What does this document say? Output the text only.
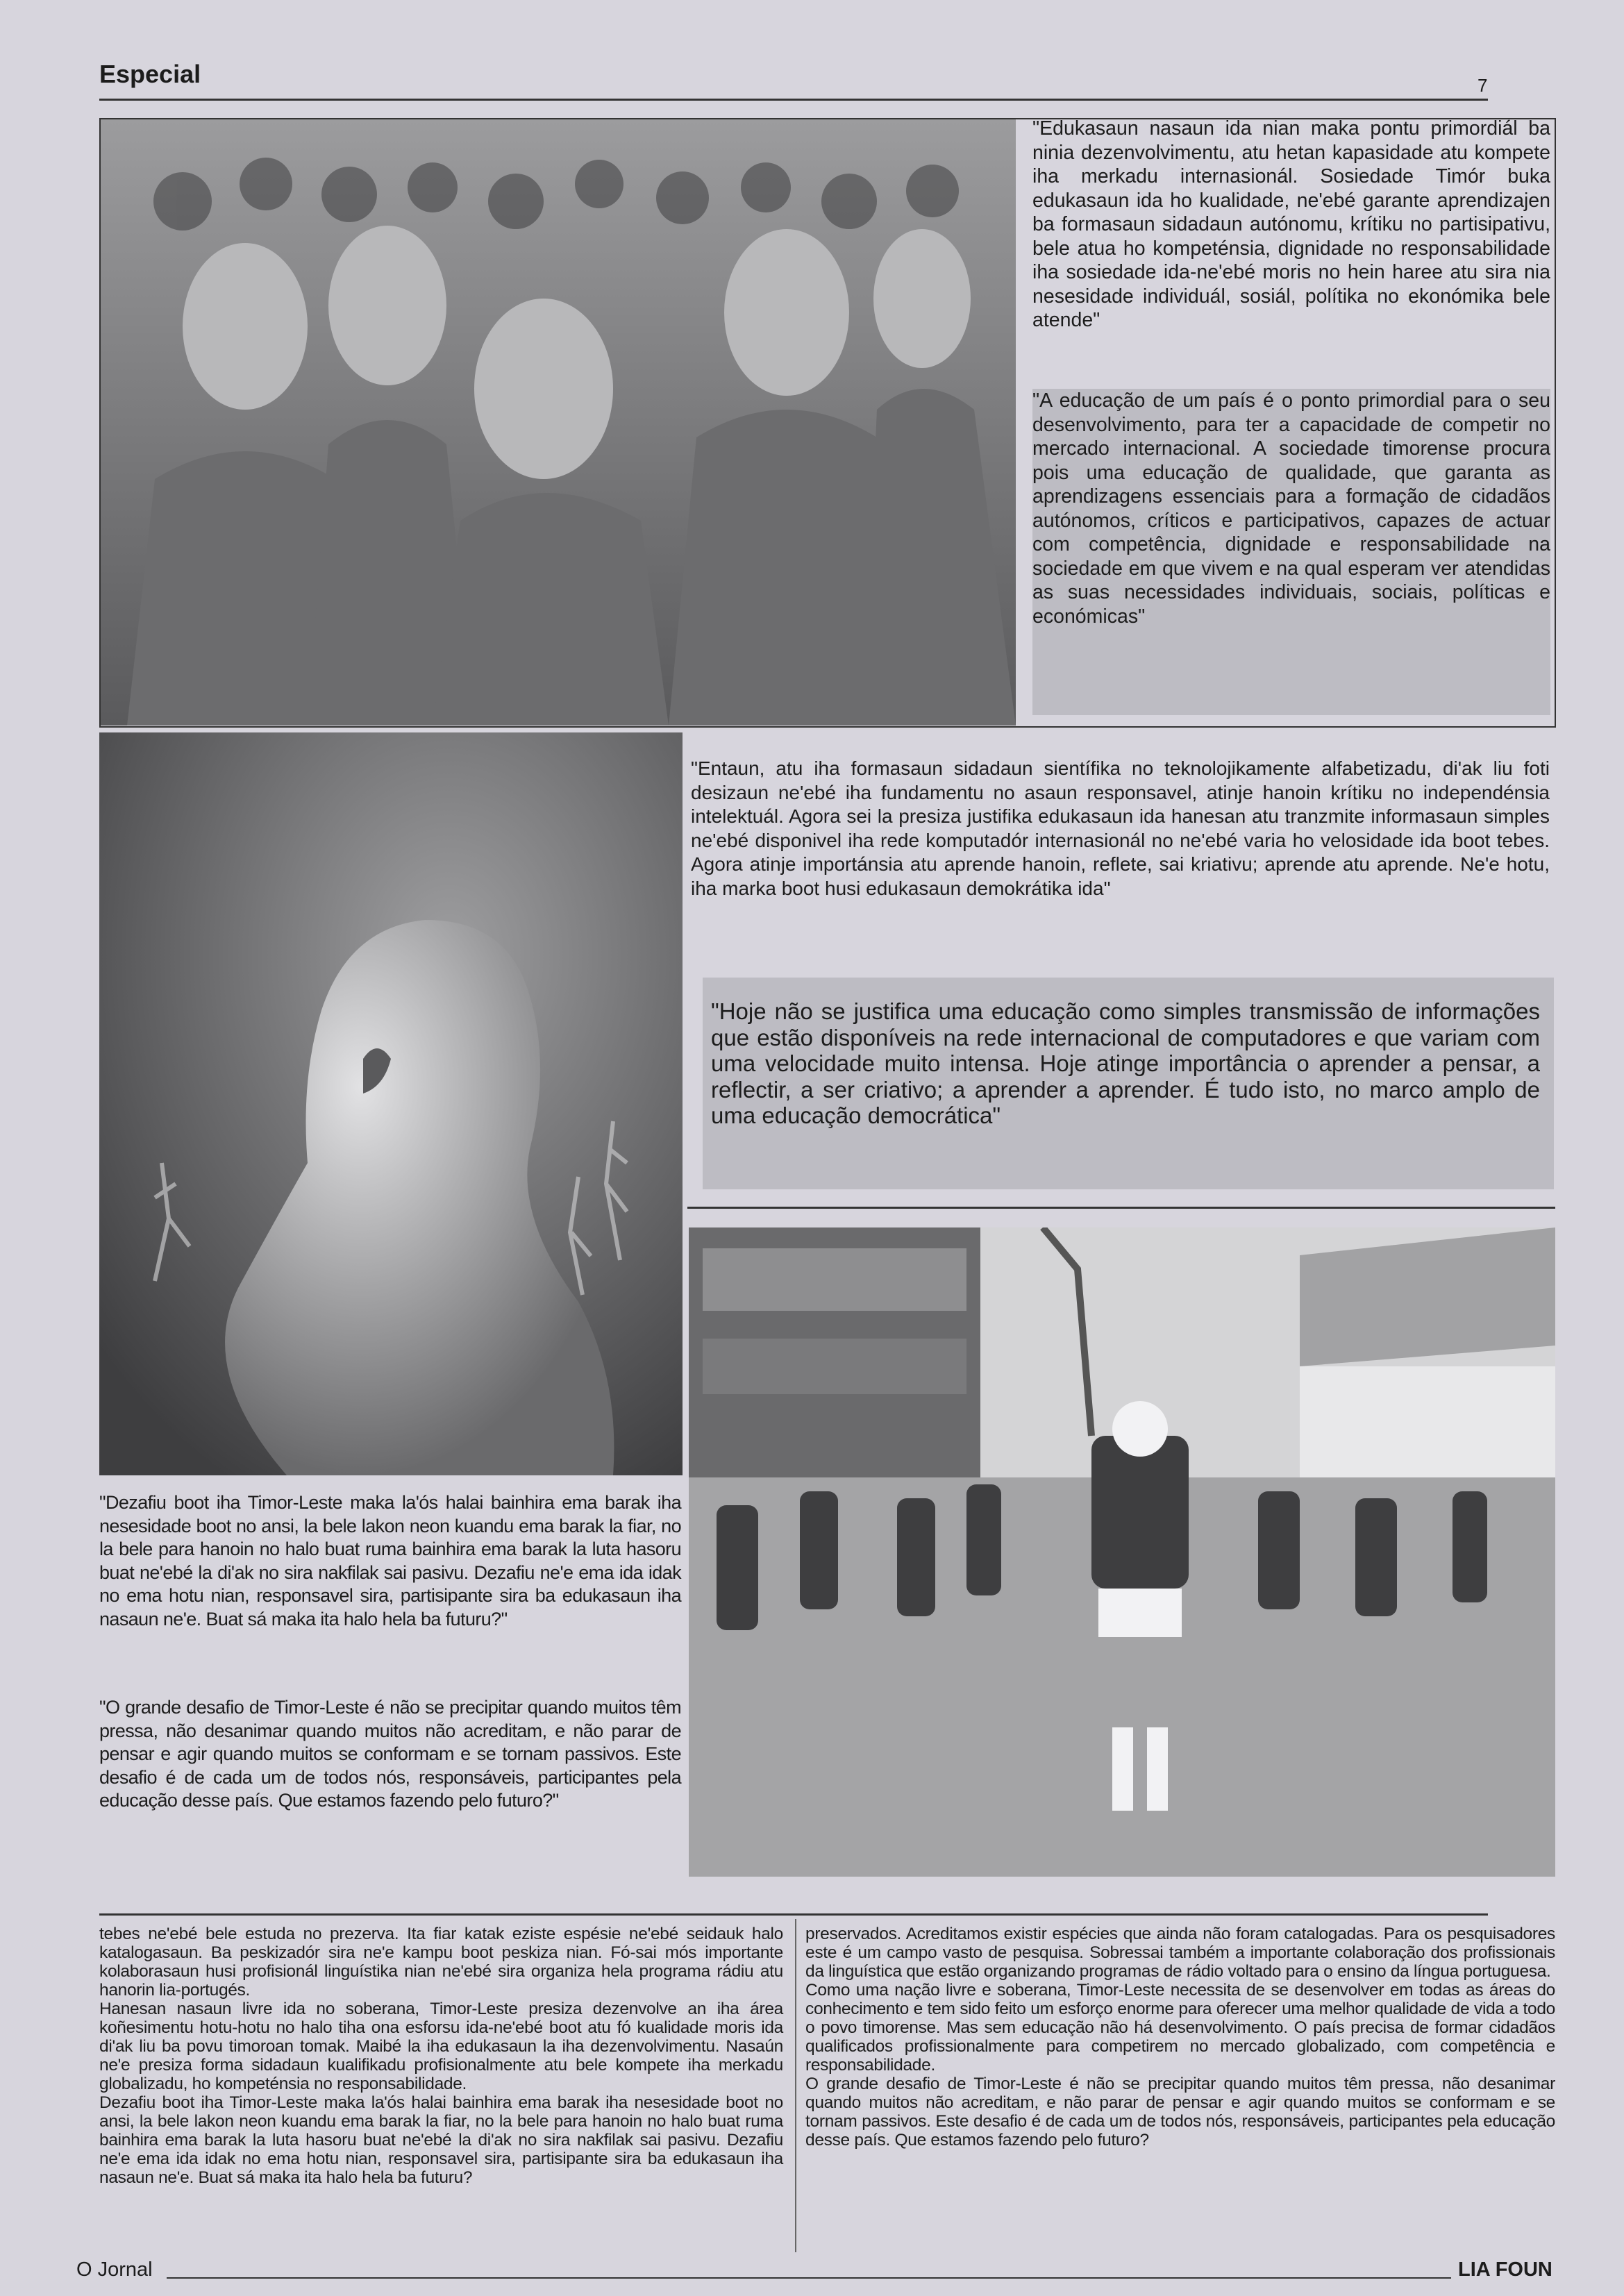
Especial	7
"Edukasaun nasaun ida nian maka pontu primordiál ba ninia dezenvolvimentu, atu hetan kapasidade atu kompete iha merkadu internasionál. Sosiedade Timór buka edukasaun ida ho kualidade, ne'ebé garante aprendizajen ba formasaun sidadaun autónomu, krítiku no partisipativu, bele atua ho kompeténsia, dignidade no responsabilidade iha sosiedade ida-ne'ebé moris no hein haree atu sira nia nesesidade individuál, sosiál, polítika no ekonómika bele atende"
"A educação de um país é o ponto primordial para o seu desenvolvimento, para ter a capacidade de competir no mercado internacional. A sociedade timorense procura pois uma educação de qualidade, que garanta as aprendizagens essenciais para a formação de cidadãos autónomos, críticos e participativos, capazes de actuar com competência, dignidade e responsabilidade na sociedade em que vivem e na qual esperam ver atendidas as suas necessidades individuais, sociais, políticas e económicas"
"Entaun, atu iha formasaun sidadaun sientífika no teknolojikamente alfabetizadu, di'ak liu foti desizaun ne'ebé iha fundamentu no asaun responsavel, atinje hanoin krítiku no independénsia intelektuál. Agora sei la presiza justifika edukasaun ida hanesan atu tranzmite informasaun simples ne'ebé disponivel iha rede komputadór internasionál no ne'ebé varia ho velosidade ida boot tebes. Agora atinje importánsia atu aprende hanoin, reflete, sai kriativu; aprende atu aprende. Ne'e hotu, iha marka boot husi edukasaun demokrátika ida"
"Hoje não se justifica uma educação como simples transmissão de informações que estão disponíveis na rede internacional de computadores e que variam com uma velocidade muito intensa. Hoje atinge importância o aprender a pensar, a reflectir, a ser criativo; a aprender a aprender. É tudo isto, no marco amplo de uma educação democrática"
"Dezafiu boot iha Timor-Leste maka la'ós halai bainhira ema barak iha nesesidade boot no ansi, la bele lakon neon kuandu ema barak la fiar, no la bele para hanoin no halo buat ruma bainhira ema barak la luta hasoru buat ne'ebé la di'ak no sira nakfilak sai pasivu. Dezafiu ne'e ema ida idak no ema hotu nian, responsavel sira, partisipante sira ba edukasaun iha nasaun ne'e. Buat sá maka ita halo hela ba futuru?"
"O grande desafio de Timor-Leste é não se precipitar quando muitos têm pressa, não desanimar quando muitos não acreditam, e não parar de pensar e agir quando muitos se conformam e se tornam passivos. Este desafio é de cada um de todos nós, responsáveis, participantes pela educação desse país. Que estamos fazendo pelo futuro?"

tebes ne'ebé bele estuda no prezerva. Ita fiar katak eziste espésie ne'ebé seidauk halo katalogasaun. Ba peskizadór sira ne'e kampu boot peskiza nian. Fó-sai mós importante kolaborasaun husi profisionál linguístika nian ne'ebé sira organiza hela programa rádiu atu hanorin lia-portugés.

Hanesan nasaun livre ida no soberana, Timor-Leste presiza dezenvolve an iha área koñesimentu hotu-hotu no halo tiha ona esforsu ida-ne'ebé boot atu fó kualidade moris ida di'ak liu ba povu timoroan tomak. Maibé la iha edukasaun la iha dezenvolvimentu. Nasaún ne'e presiza forma sidadaun kualifikadu profisionalmente atu bele kompete iha merkadu globalizadu, ho kompeténsia no responsabilidade.

Dezafiu boot iha Timor-Leste maka la'ós halai bainhira ema barak iha nesesidade boot no ansi, la bele lakon neon kuandu ema barak la fiar, no la bele para hanoin no halo buat ruma bainhira ema barak la luta hasoru buat ne'ebé la di'ak no sira nakfilak sai pasivu. Dezafiu ne'e ema ida idak no ema hotu nian, responsavel sira, partisipante sira ba edukasaun iha nasaun ne'e. Buat sá maka ita halo hela ba futuru?

preservados. Acreditamos existir espécies que ainda não foram catalogadas. Para os pesquisadores este é um campo vasto de pesquisa. Sobressai também a importante colaboração dos profissionais da linguística que estão organizando programas de rádio voltado para o ensino da língua portuguesa.

Como uma nação livre e soberana, Timor-Leste necessita de se desenvolver em todas as áreas do conhecimento e tem sido feito um esforço enorme para oferecer uma melhor qualidade de vida a todo o povo timorense. Mas sem educação não há desenvolvimento. O país precisa de formar cidadãos qualificados profissionalmente para competirem no mercado globalizado, com competência e responsabilidade.

O grande desafio de Timor-Leste é não se precipitar quando muitos têm pressa, não desanimar quando muitos não acreditam, e não parar de pensar e agir quando muitos se conformam e se tornam passivos. Este desafio é de cada um de todos nós, responsáveis, participantes pela educação desse país. Que estamos fazendo pelo futuro?

O Jornal	LIA FOUN
